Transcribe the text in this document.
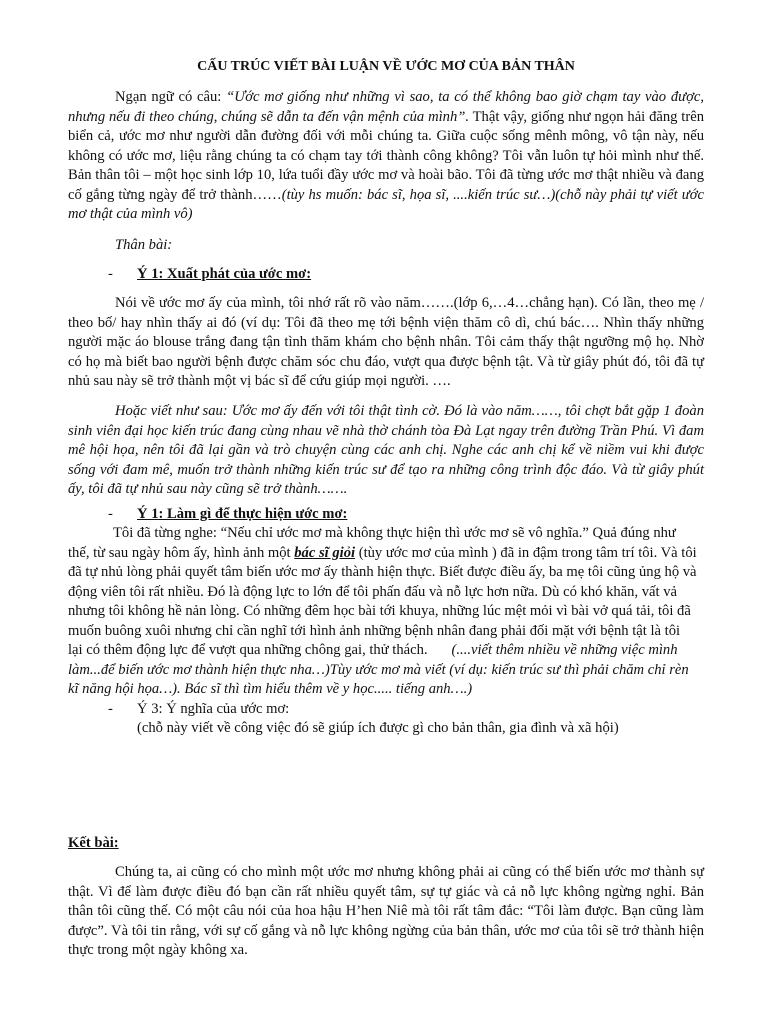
CẤU TRÚC VIẾT BÀI LUẬN VỀ ƯỚC MƠ CỦA BẢN THÂN

Ngạn ngữ có câu: “Ước mơ giống như những vì sao, ta có thể không bao giờ chạm tay vào được, nhưng nếu đi theo chúng, chúng sẽ dẫn ta đến vận mệnh của mình”. Thật vậy, giống như ngọn hải đăng trên biển cả, ước mơ như người dẫn đường đối với mỗi chúng ta. Giữa cuộc sống mênh mông, vô tận này, nếu không có ước mơ, liệu rằng chúng ta có chạm tay tới thành công không? Tôi vẫn luôn tự hỏi mình như thế. Bản thân tôi – một học sinh lớp 10, lứa tuổi đầy ước mơ và hoài bão. Tôi đã từng ước mơ thật nhiều và đang cố gắng từng ngày để trở thành……(tùy hs muốn: bác sĩ, họa sĩ, ....kiến trúc sư…)(chỗ này phải tự viết ước mơ thật của mình vô)

Thân bài:
- Ý 1: Xuất phát của ước mơ:

Nói về ước mơ ấy của mình, tôi nhớ rất rõ vào năm…….(lớp 6,…4…chẳng hạn). Có lần, theo mẹ / theo bố/ hay nhìn thấy ai đó (ví dụ: Tôi đã theo mẹ tới bệnh viện thăm cô dì, chú bác…. Nhìn thấy những người mặc áo blouse trắng đang tận tình thăm khám cho bệnh nhân. Tôi cảm thấy thật ngưỡng mộ họ. Nhờ có họ mà biết bao người bệnh được chăm sóc chu đáo, vượt qua được bệnh tật. Và từ giây phút đó, tôi đã tự nhủ sau này sẽ trở thành một vị bác sĩ để cứu giúp mọi người. ….

Hoặc viết như sau: Ước mơ ấy đến với tôi thật tình cờ. Đó là vào năm……, tôi chợt bắt gặp 1 đoàn sinh viên đại học kiến trúc đang cùng nhau vẽ nhà thờ chánh tòa Đà Lạt ngay trên đường Trần Phú. Vì đam mê hội họa, nên tôi đã lại gần và trò chuyện cùng các anh chị. Nghe các anh chị kể về niềm vui khi được sống với đam mê, muốn trở thành những kiến trúc sư để tạo ra những công trình độc đáo. Và từ giây phút ấy, tôi đã tự nhủ sau này cũng sẽ trở thành…….

- Ý 1: Làm gì để thực hiện ước mơ:
Tôi đã từng nghe: “Nếu chỉ ước mơ mà không thực hiện thì ước mơ sẽ vô nghĩa.” Quả đúng như
thế, từ sau ngày hôm ấy, hình ảnh một bác sĩ giỏi (tùy ước mơ của mình ) đã in đậm trong tâm trí tôi. Và tôi
đã tự nhủ lòng phải quyết tâm biến ước mơ ấy thành hiện thực. Biết được điều ấy, ba mẹ tôi cũng ủng hộ và
động viên tôi rất nhiều. Đó là động lực to lớn để tôi phấn đấu và nỗ lực hơn nữa. Dù có khó khăn, vất vả
nhưng tôi không hề nản lòng. Có những đêm học bài tới khuya, những lúc mệt mỏi vì bài vở quá tải, tôi đã
muốn buông xuôi nhưng chỉ cần nghĩ tới hình ảnh những bệnh nhân đang phải đối mặt với bệnh tật là tôi
lại có thêm động lực để vượt qua những chông gai, thử thách. (....viết thêm nhiều về những việc mình
làm...để biến ước mơ thành hiện thực nha…)Tùy ước mơ mà viết (ví dụ: kiến trúc sư thì phải chăm chỉ rèn
kĩ năng hội họa…). Bác sĩ thì tìm hiểu thêm về y học..... tiếng anh….)
- Ý 3: Ý nghĩa của ước mơ:
(chỗ này viết về công việc đó sẽ giúp ích được gì cho bản thân, gia đình và xã hội)
Kết bài:

Chúng ta, ai cũng có cho mình một ước mơ nhưng không phải ai cũng có thể biến ước mơ thành sự thật. Vì để làm được điều đó bạn cần rất nhiều quyết tâm, sự tự giác và cả nỗ lực không ngừng nghỉ. Bản thân tôi cũng thế. Có một câu nói của hoa hậu H’hen Niê mà tôi rất tâm đắc: “Tôi làm được. Bạn cũng làm được”. Và tôi tin rằng, với sự cố gắng và nỗ lực không ngừng của bản thân, ước mơ của tôi sẽ trở thành hiện thực trong một ngày không xa.
